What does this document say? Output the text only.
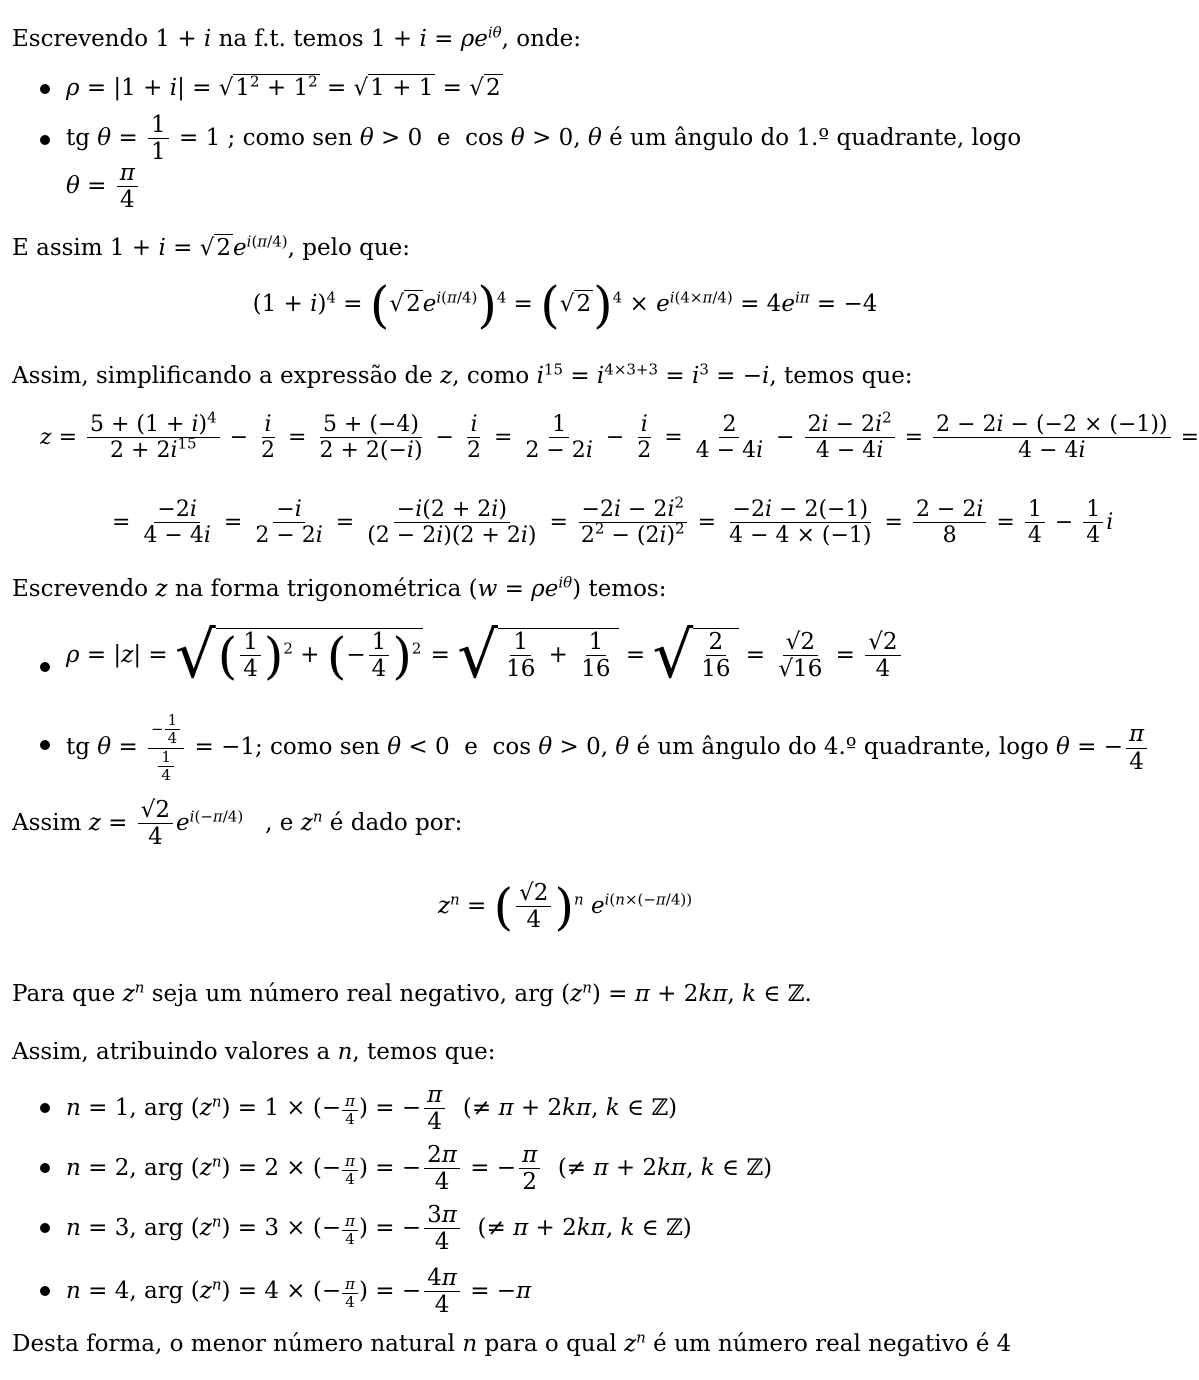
Escrevendo 1 + i na f.t. temos $1 + i = \rho e^{i\theta}$, onde:
$\rho = |1 + i| = √1^2 + 1^2 = √1 + 1 = √2$
tg $\theta = \frac{1}{1} = 1$ ; como sen θ > 0  e  cos θ > 0, θ é um ângulo do 1.º quadrante, logo
$\theta = \frac{\pi}{4}$
E assim $1 + i = √2e^{i(\pi/4)}$, pelo que:
$(1 + i)^4 = (√2e^{i(\pi/4)})^4 = (√2)^4 \times e^{i(4\times\pi/4)} = 4e^{i\pi} = -4$
Assim, simplificando a expressão de z, como $i^{15} = i^{4\times 3+3} = i^3 = -i$, temos que:
$z = \frac{5 + (1 + i)^4}{2 + 2i^{15}} - \frac{i}{2} = \frac{5 + (-4)}{2 + 2(-i)} - \frac{i}{2} = \frac{1}{2 - 2i} - \frac{i}{2} = \frac{2}{4 - 4i} - \frac{2i - 2i^2}{4 - 4i} = \frac{2 - 2i - (-2 \times (-1))}{4 - 4i}$ =
= $\frac{-2i}{4 - 4i} = \frac{-i}{2 - 2i} = \frac{-i(2 + 2i)}{(2 - 2i)(2 + 2i)} = \frac{-2i - 2i^2}{2^2 - (2i)^2} = \frac{-2i - 2(-1)}{4 - 4 \times (-1)} = \frac{2 - 2i}{8} = \frac{1}{4} - \frac{1}{4}$ i
Escrevendo z na forma trigonométrica $(w = \rho e^{i\theta})$ temos:
ρ = |z| = √( $\frac{1}{4} )^2$ + (− $\frac{1}{4} )^2$ = √ $\frac{1}{16} + \frac{1}{16}$ = √ $\frac{2}{16} = \frac{√2}{√16} = \frac{√2}{4}$
tg $\theta = \frac{- \frac{1}{4}}{\frac{1}{4}} = -1$; como sen θ < 0  e  cos θ > 0, θ é um ângulo do 4.º quadrante, logo θ = − $\frac{\pi}{4}$
Assim $z = \frac{√2}{4} e^{i(-\pi/4)}$   , e $z^n$ é dado por:
$z^n$ = ( $\frac{√2}{4} )^n$ $e^{i(n\times(-\pi/4))}$
Para que $z^n$ seja um número real negativo, arg $(z^n) = \pi + 2k\pi$, k ∈ ℤ.
Assim, atribuindo valores a n, temos que:
n = 1, arg $(z^n) = 1$ × (− $\frac{\pi}{4}$ ) = − $\frac{\pi}{4}$ (≠ π + 2kπ, k ∈ ℤ)
n = 2, arg $(z^n) = 2$ × (− $\frac{\pi}{4}$ ) = − $\frac{2\pi}{4}$ = − $\frac{\pi}{2}$ (≠ π + 2kπ, k ∈ ℤ)
n = 3, arg $(z^n) = 3$ × (− $\frac{\pi}{4}$ ) = − $\frac{3\pi}{4}$ (≠ π + 2kπ, k ∈ ℤ)
n = 4, arg $(z^n) = 4$ × (− $\frac{\pi}{4}$ ) = − $\frac{4\pi}{4} = -\pi$
Desta forma, o menor número natural n para o qual $z^n$ é um número real negativo é 4
